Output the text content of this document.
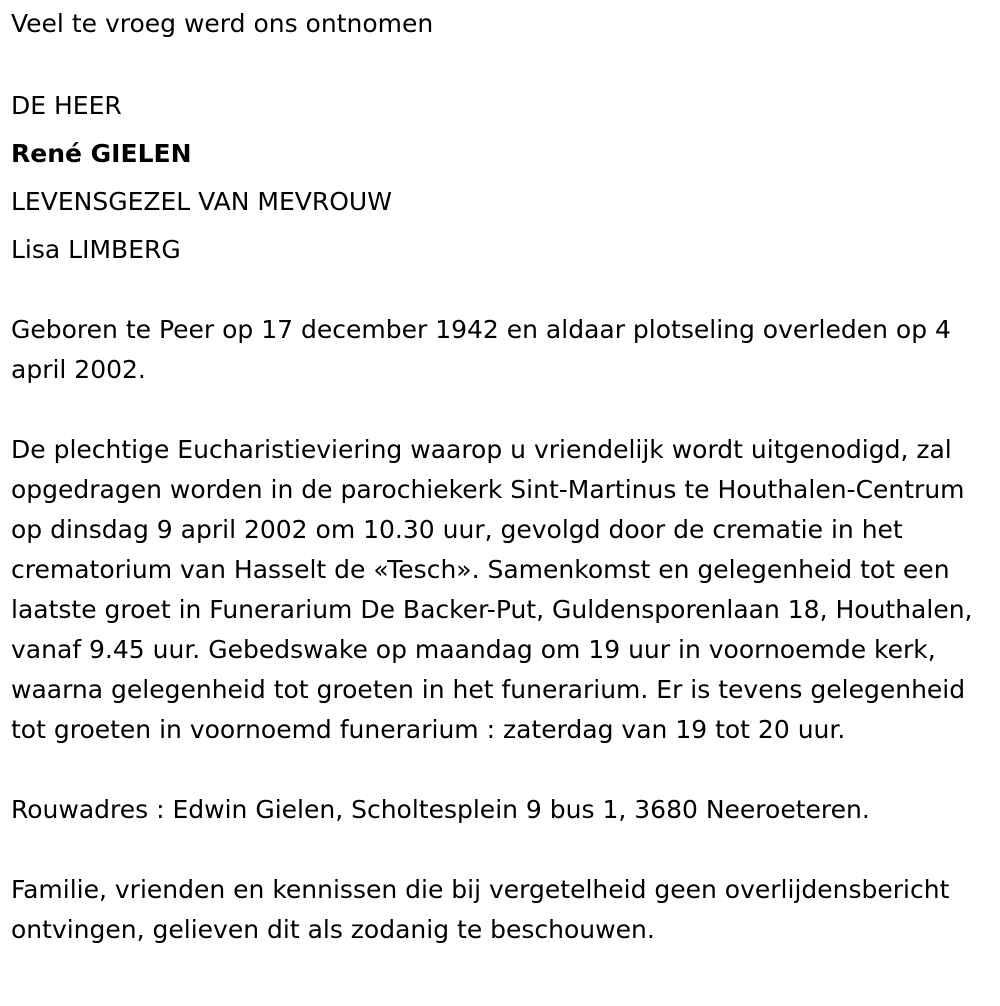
Veel te vroeg werd ons ontnomen
DE HEER
René GIELEN
LEVENSGEZEL VAN MEVROUW
Lisa LIMBERG

Geboren te Peer op 17 december 1942 en aldaar plotseling overleden op 4 april 2002.

De plechtige Eucharistieviering waarop u vriendelijk wordt uitgenodigd, zal opgedragen worden in de parochiekerk Sint-Martinus te Houthalen-Centrum op dinsdag 9 april 2002 om 10.30 uur, gevolgd door de crematie in het crematorium van Hasselt de «Tesch». Samenkomst en gelegenheid tot een laatste groet in Funerarium De Backer-Put, Guldensporenlaan 18, Houthalen, vanaf 9.45 uur. Gebedswake op maandag om 19 uur in voornoemde kerk, waarna gelegenheid tot groeten in het funerarium. Er is tevens gelegenheid tot groeten in voornoemd funerarium : zaterdag van 19 tot 20 uur.

Rouwadres : Edwin Gielen, Scholtesplein 9 bus 1, 3680 Neeroeteren.

Familie, vrienden en kennissen die bij vergetelheid geen overlijdensbericht ontvingen, gelieven dit als zodanig te beschouwen.
